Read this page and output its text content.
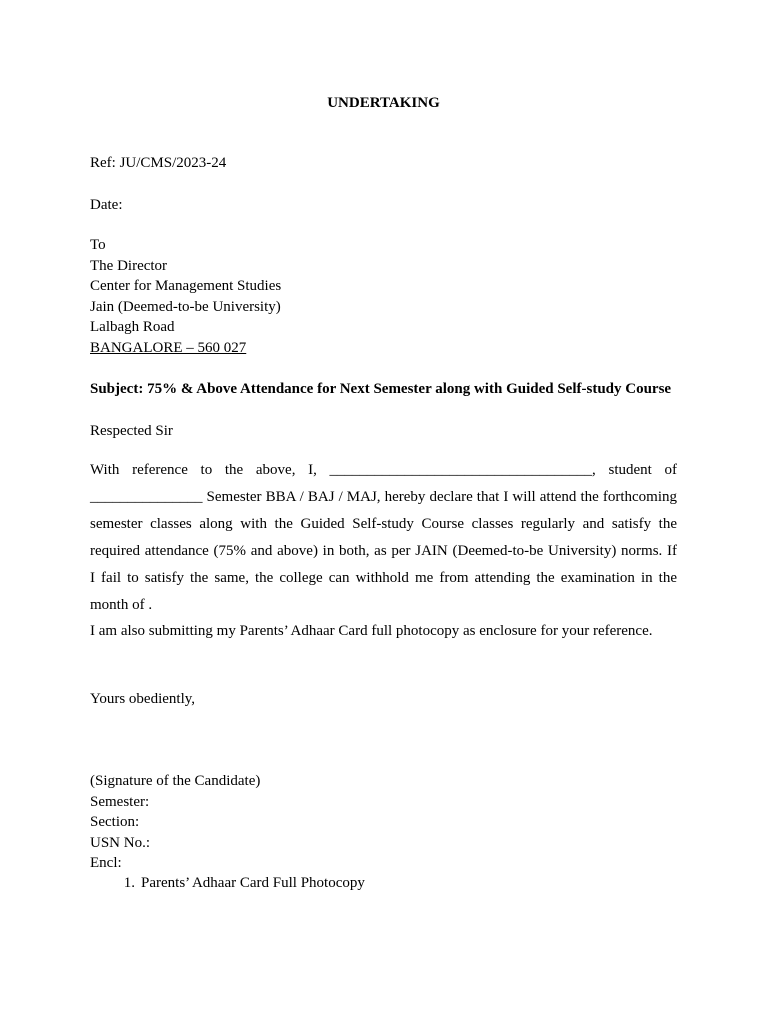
UNDERTAKING
Ref: JU/CMS/2023-24
Date:
To
The Director
Center for Management Studies
Jain (Deemed-to-be University)
Lalbagh Road
BANGALORE – 560 027
Subject: 75% & Above Attendance for Next Semester along with Guided Self-study Course
Respected Sir
With reference to the above, I, ___________________________________, student of
_______________ Semester BBA / BAJ / MAJ, hereby declare that I will attend the forthcoming
semester classes along with the Guided Self-study Course classes regularly and satisfy the
required attendance (75% and above) in both, as per JAIN (Deemed-to-be University) norms. If
I fail to satisfy the same, the college can withhold me from attending the examination in the
month of .
I am also submitting my Parents’ Adhaar Card full photocopy as enclosure for your reference.
Yours obediently,
(Signature of the Candidate)
Semester:
Section:
USN No.:
Encl:
1. Parents’ Adhaar Card Full Photocopy
